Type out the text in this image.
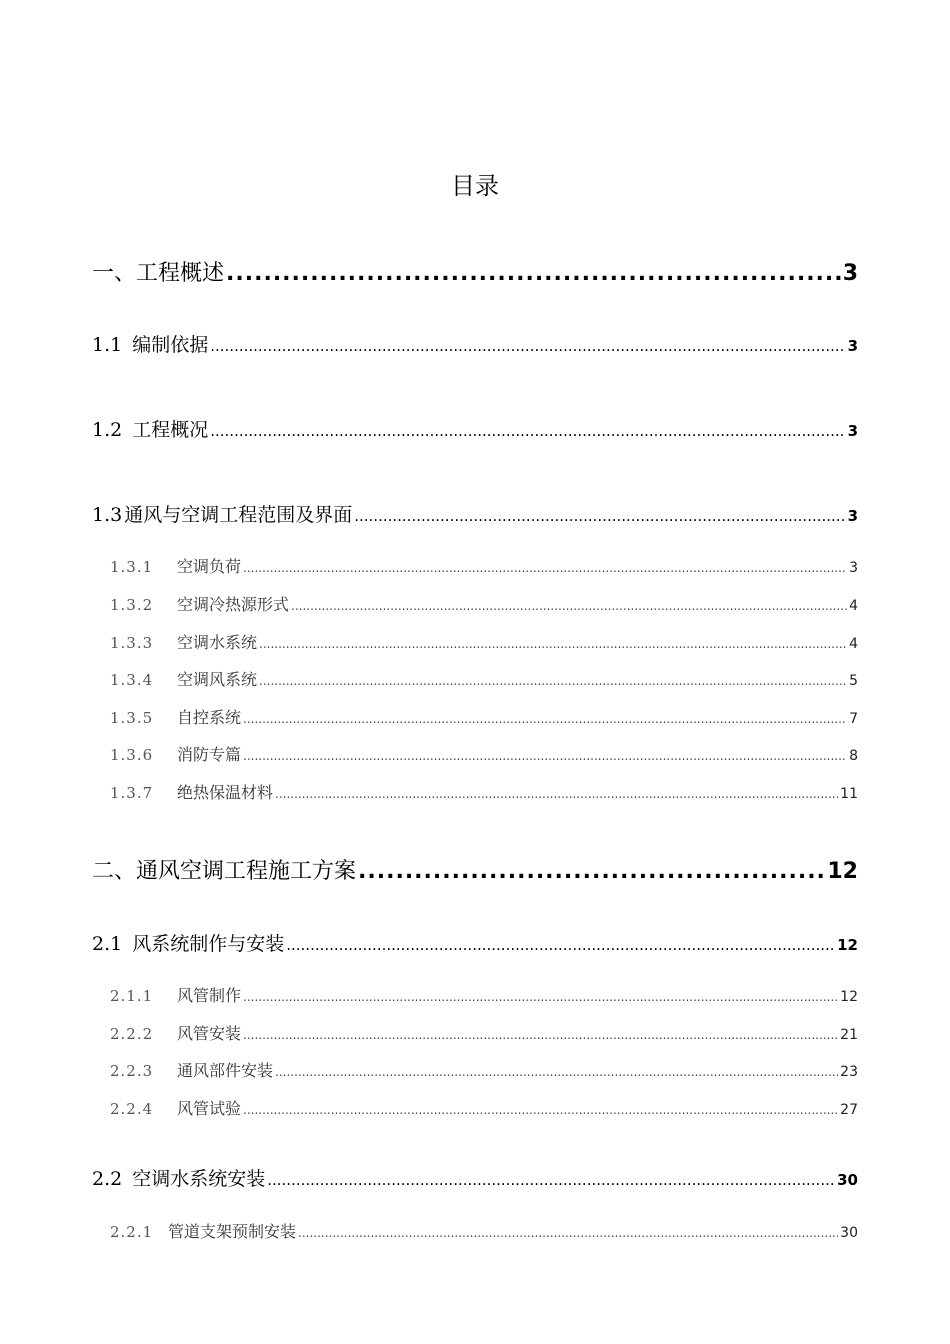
目录
一、 工程概述 .....	3
1.1 编制依据 .....	3
1.2 工程概况 .....	3
1.3 通风与空调工程范围及界面 .....	3
1.3.1	空调负荷 .....	3
1.3.2	空调冷热源形式 .....	4
1.3.3	空调水系统 .....	4
1.3.4	空调风系统 .....	5
1.3.5	自控系统 .....	7
1.3.6	消防专篇 .....	8
1.3.7	绝热保温材料 .....	11
二、 通风空调工程施工方案 .....	12
2.1 风系统制作与安装 .....	12
2.1.1	风管制作 .....	12
2.2.2	风管安装 .....	21
2.2.3	通风部件安装 .....	23
2.2.4	风管试验 .....	27
2.2 空调水系统安装 .....	30
2.2.1 管道支架预制安装 .....	30
